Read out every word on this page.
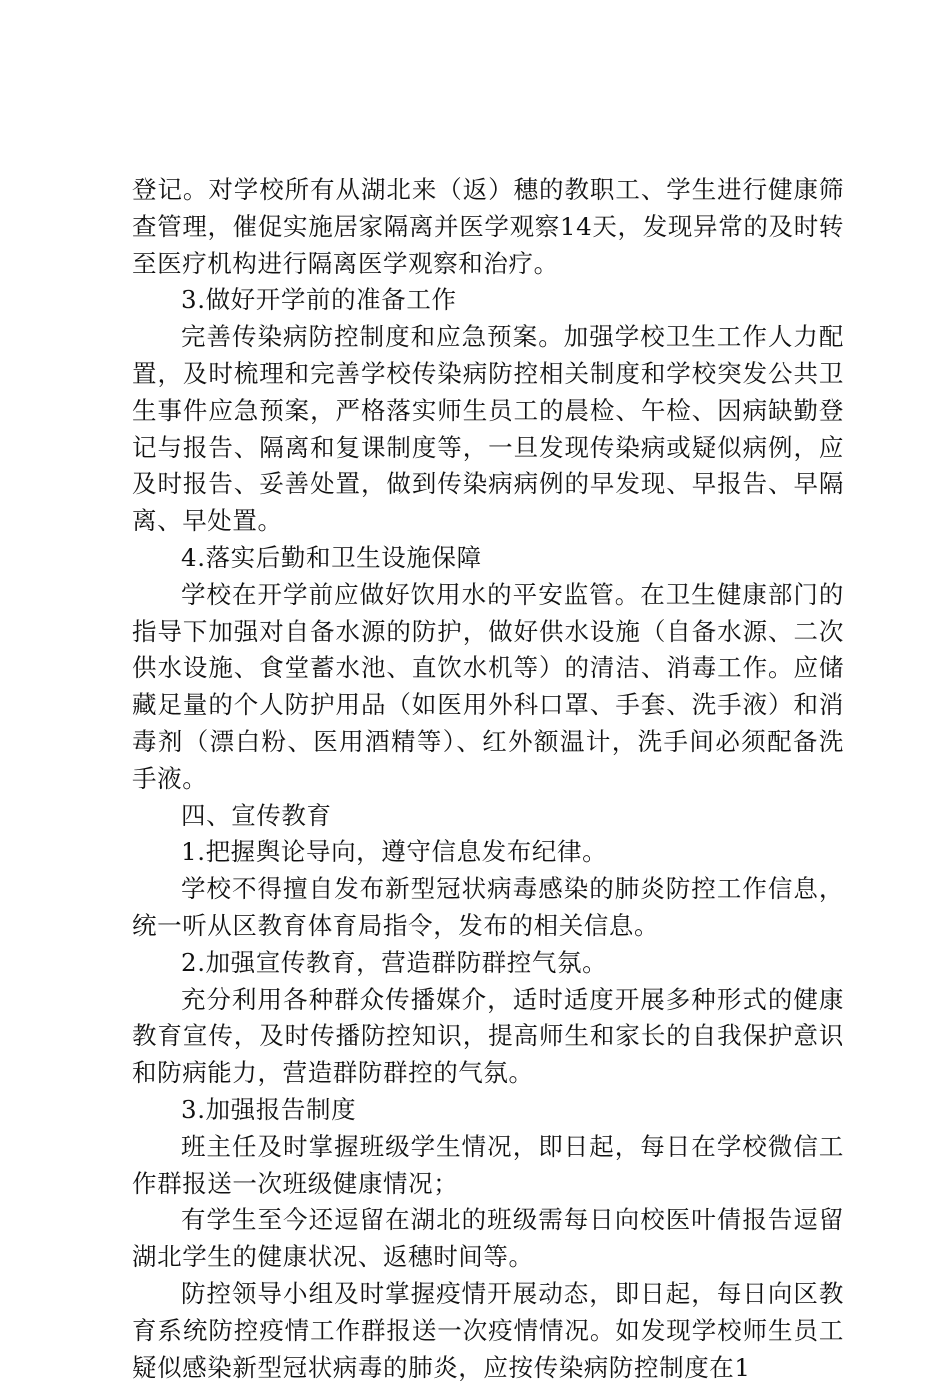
登记。对学校所有从湖北来（返）穗的教职工、学生进行健康筛查管理，催促实施居家隔离并医学观察14天，发现异常的及时转至医疗机构进行隔离医学观察和治疗。

3.做好开学前的准备工作

完善传染病防控制度和应急预案。加强学校卫生工作人力配置，及时梳理和完善学校传染病防控相关制度和学校突发公共卫生事件应急预案，严格落实师生员工的晨检、午检、因病缺勤登记与报告、隔离和复课制度等，一旦发现传染病或疑似病例，应及时报告、妥善处置，做到传染病病例的早发现、早报告、早隔离、早处置。

4.落实后勤和卫生设施保障

学校在开学前应做好饮用水的平安监管。在卫生健康部门的指导下加强对自备水源的防护，做好供水设施（自备水源、二次供水设施、食堂蓄水池、直饮水机等）的清洁、消毒工作。应储藏足量的个人防护用品（如医用外科口罩、手套、洗手液）和消毒剂（漂白粉、医用酒精等）、红外额温计，洗手间必须配备洗手液。

四、宣传教育

1.把握舆论导向，遵守信息发布纪律。

学校不得擅自发布新型冠状病毒感染的肺炎防控工作信息，统一听从区教育体育局指令，发布的相关信息。

2.加强宣传教育，营造群防群控气氛。

充分利用各种群众传播媒介，适时适度开展多种形式的健康教育宣传，及时传播防控知识，提高师生和家长的自我保护意识和防病能力，营造群防群控的气氛。

3.加强报告制度

班主任及时掌握班级学生情况，即日起，每日在学校微信工作群报送一次班级健康情况；

有学生至今还逗留在湖北的班级需每日向校医叶倩报告逗留湖北学生的健康状况、返穗时间等。

防控领导小组及时掌握疫情开展动态，即日起，每日向区教育系统防控疫情工作群报送一次疫情情况。如发现学校师生员工疑似感染新型冠状病毒的肺炎，应按传染病防控制度在1
